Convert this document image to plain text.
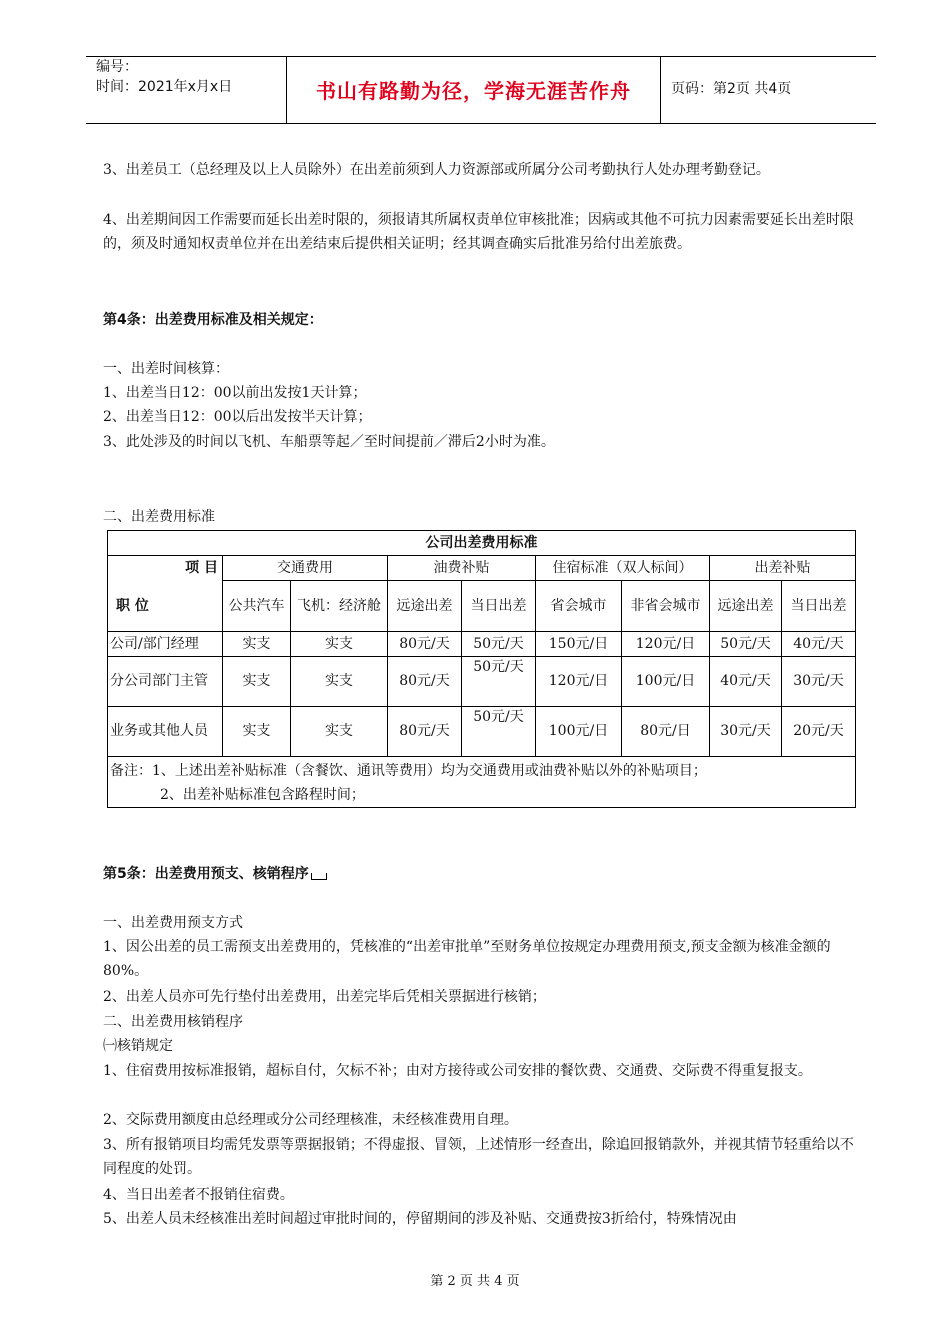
编号：
时间：2021年x月x日	书山有路勤为径，学海无涯苦作舟	页码：第2页 共4页
3、出差员工（总经理及以上人员除外）在出差前须到人力资源部或所属分公司考勤执行人处办理考勤登记。
4、出差期间因工作需要而延长出差时限的，须报请其所属权责单位审核批准；因病或其他不可抗力因素需要延长出差时限的，须及时通知权责单位并在出差结束后提供相关证明；经其调查确实后批准另给付出差旅费。
第4条：出差费用标准及相关规定：
一、出差时间核算：
1、出差当日12：00以前出发按1天计算；
2、出差当日12：00以后出发按半天计算；
3、此处涉及的时间以飞机、车船票等起／至时间提前／滞后2小时为准。
二、出差费用标准
公司出差费用标准								

项 目
职 位	交通费用		油费补贴		住宿标准（双人标间）		出差补贴	
	公共汽车	飞机：经济舱	远途出差	当日出差	省会城市	非省会城市	远途出差	当日出差
公司/部门经理	实支	实支	80元/天	50元/天	150元/日	120元/日	50元/天	40元/天
分公司部门主管	实支	实支	80元/天	50元/天	120元/日	100元/日	40元/天	30元/天
业务或其他人员	实支	实支	80元/天	50元/天	100元/日	80元/日	30元/天	20元/天

备注：1、上述出差补贴标准（含餐饮、通讯等费用）均为交通费用或油费补贴以外的补贴项目；
2、出差补贴标准包含路程时间；								
第5条：出差费用预支、核销程序
一、出差费用预支方式
1、因公出差的员工需预支出差费用的，凭核准的“出差审批单”至财务单位按规定办理费用预支,预支金额为核准金额的80%。
2、出差人员亦可先行垫付出差费用，出差完毕后凭相关票据进行核销；
二、出差费用核销程序
㈠核销规定
1、住宿费用按标准报销，超标自付，欠标不补；由对方接待或公司安排的餐饮费、交通费、交际费不得重复报支。
2、交际费用额度由总经理或分公司经理核准，未经核准费用自理。
3、所有报销项目均需凭发票等票据报销；不得虚报、冒领，上述情形一经查出，除追回报销款外，并视其情节轻重给以不同程度的处罚。
4、当日出差者不报销住宿费。
5、出差人员未经核准出差时间超过审批时间的，停留期间的涉及补贴、交通费按3折给付，特殊情况由
第 2 页 共 4 页
